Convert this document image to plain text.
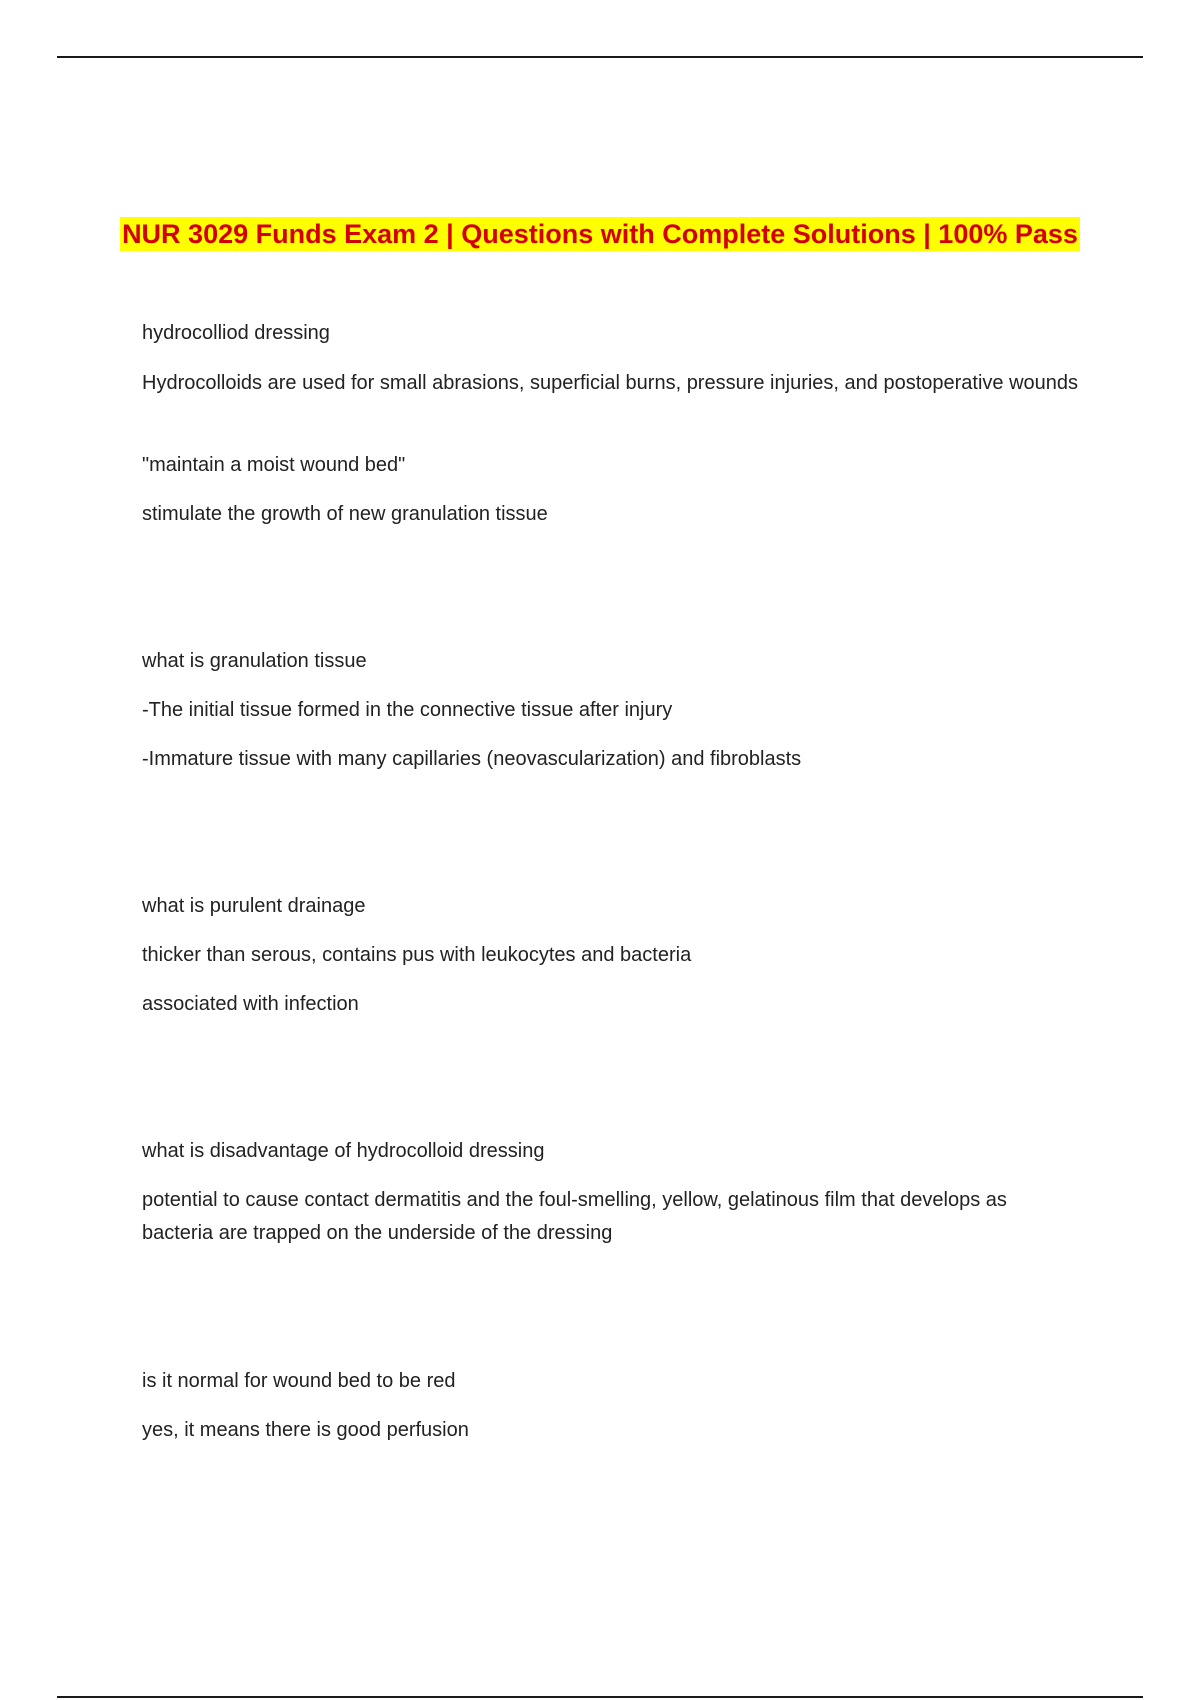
NUR 3029 Funds Exam 2 | Questions with Complete Solutions | 100% Pass
hydrocolliod dressing
Hydrocolloids are used for small abrasions, superficial burns, pressure injuries, and postoperative wounds
"maintain a moist wound bed"
stimulate the growth of new granulation tissue
what is granulation tissue
-The initial tissue formed in the connective tissue after injury
-Immature tissue with many capillaries (neovascularization) and fibroblasts
what is purulent drainage
thicker than serous, contains pus with leukocytes and bacteria
associated with infection
what is disadvantage of hydrocolloid dressing
potential to cause contact dermatitis and the foul-smelling, yellow, gelatinous film that develops as bacteria are trapped on the underside of the dressing
is it normal for wound bed to be red
yes, it means there is good perfusion
